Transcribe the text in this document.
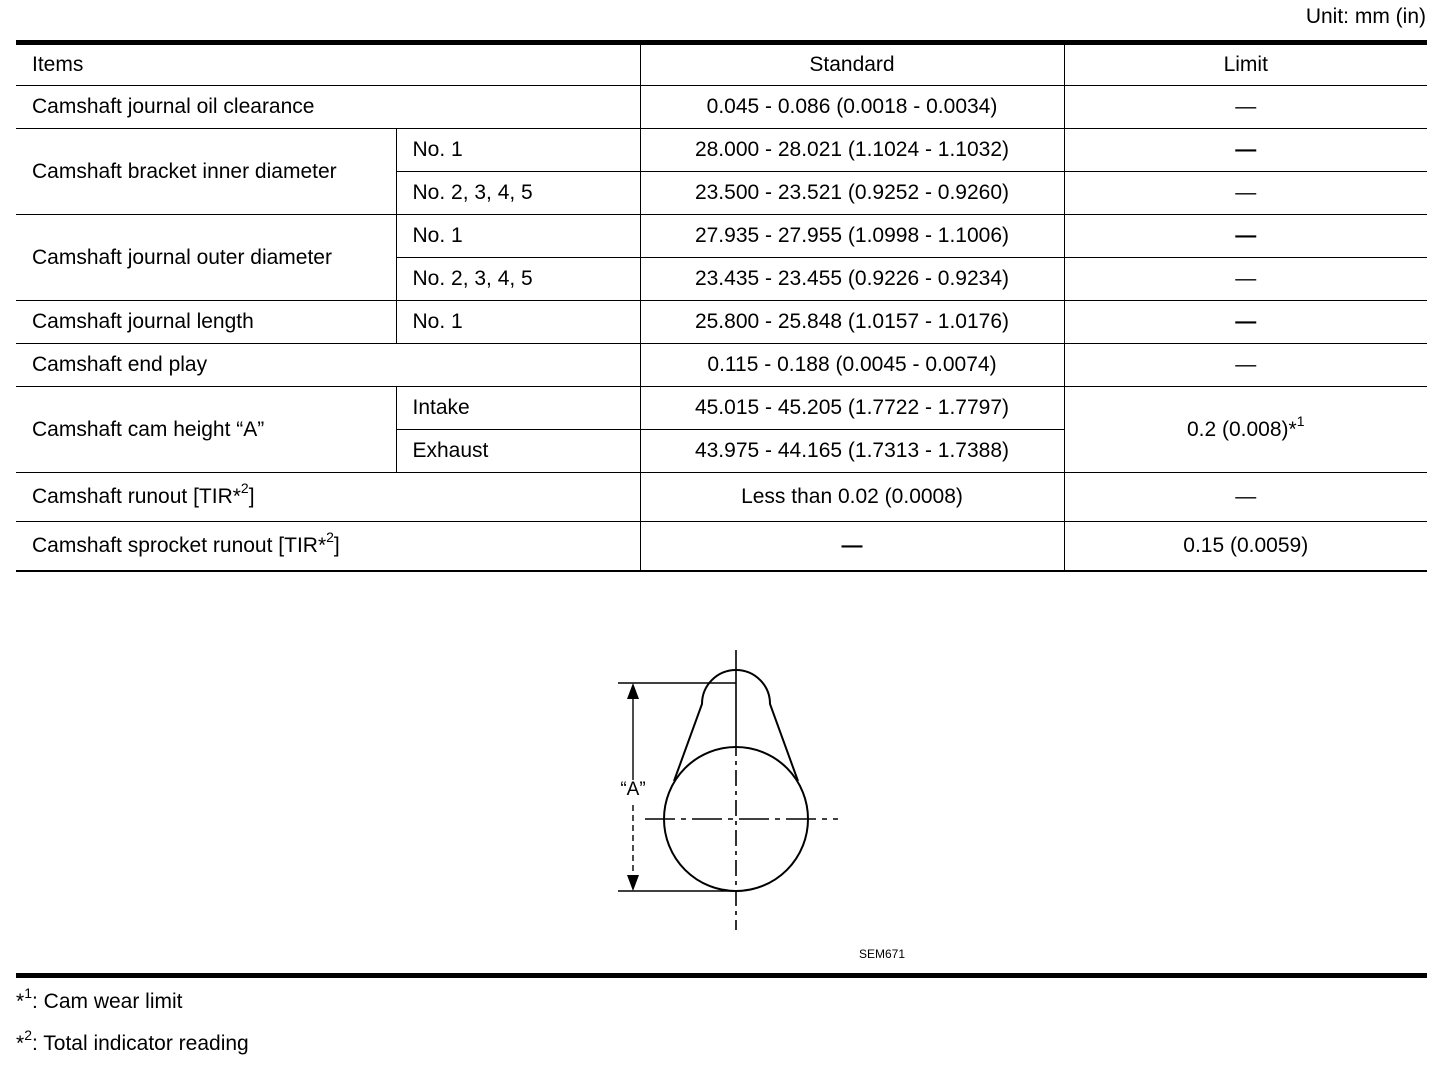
Unit: mm (in)
Items		Standard	Limit
Camshaft journal oil clearance		0.045 - 0.086 (0.0018 - 0.0034)	—
Camshaft bracket inner diameter	No. 1	28.000 - 28.021 (1.1024 - 1.1032)	—
	No. 2, 3, 4, 5	23.500 - 23.521 (0.9252 - 0.9260)	—
Camshaft journal outer diameter	No. 1	27.935 - 27.955 (1.0998 - 1.1006)	—
	No. 2, 3, 4, 5	23.435 - 23.455 (0.9226 - 0.9234)	—
Camshaft journal length	No. 1	25.800 - 25.848 (1.0157 - 1.0176)	—
Camshaft end play		0.115 - 0.188 (0.0045 - 0.0074)	—
Camshaft cam height “A”	Intake	45.015 - 45.205 (1.7722 - 1.7797)	0.2 (0.008)*$^1$
	Exhaust	43.975 - 44.165 (1.7313 - 1.7388)	
Camshaft runout [TIR*$^2$]		Less than 0.02 (0.0008)	—
Camshaft sprocket runout [TIR*$^2$]		—	0.15 (0.0059)
“A”
SEM671
*$^1$: Cam wear limit
*$^2$: Total indicator reading
